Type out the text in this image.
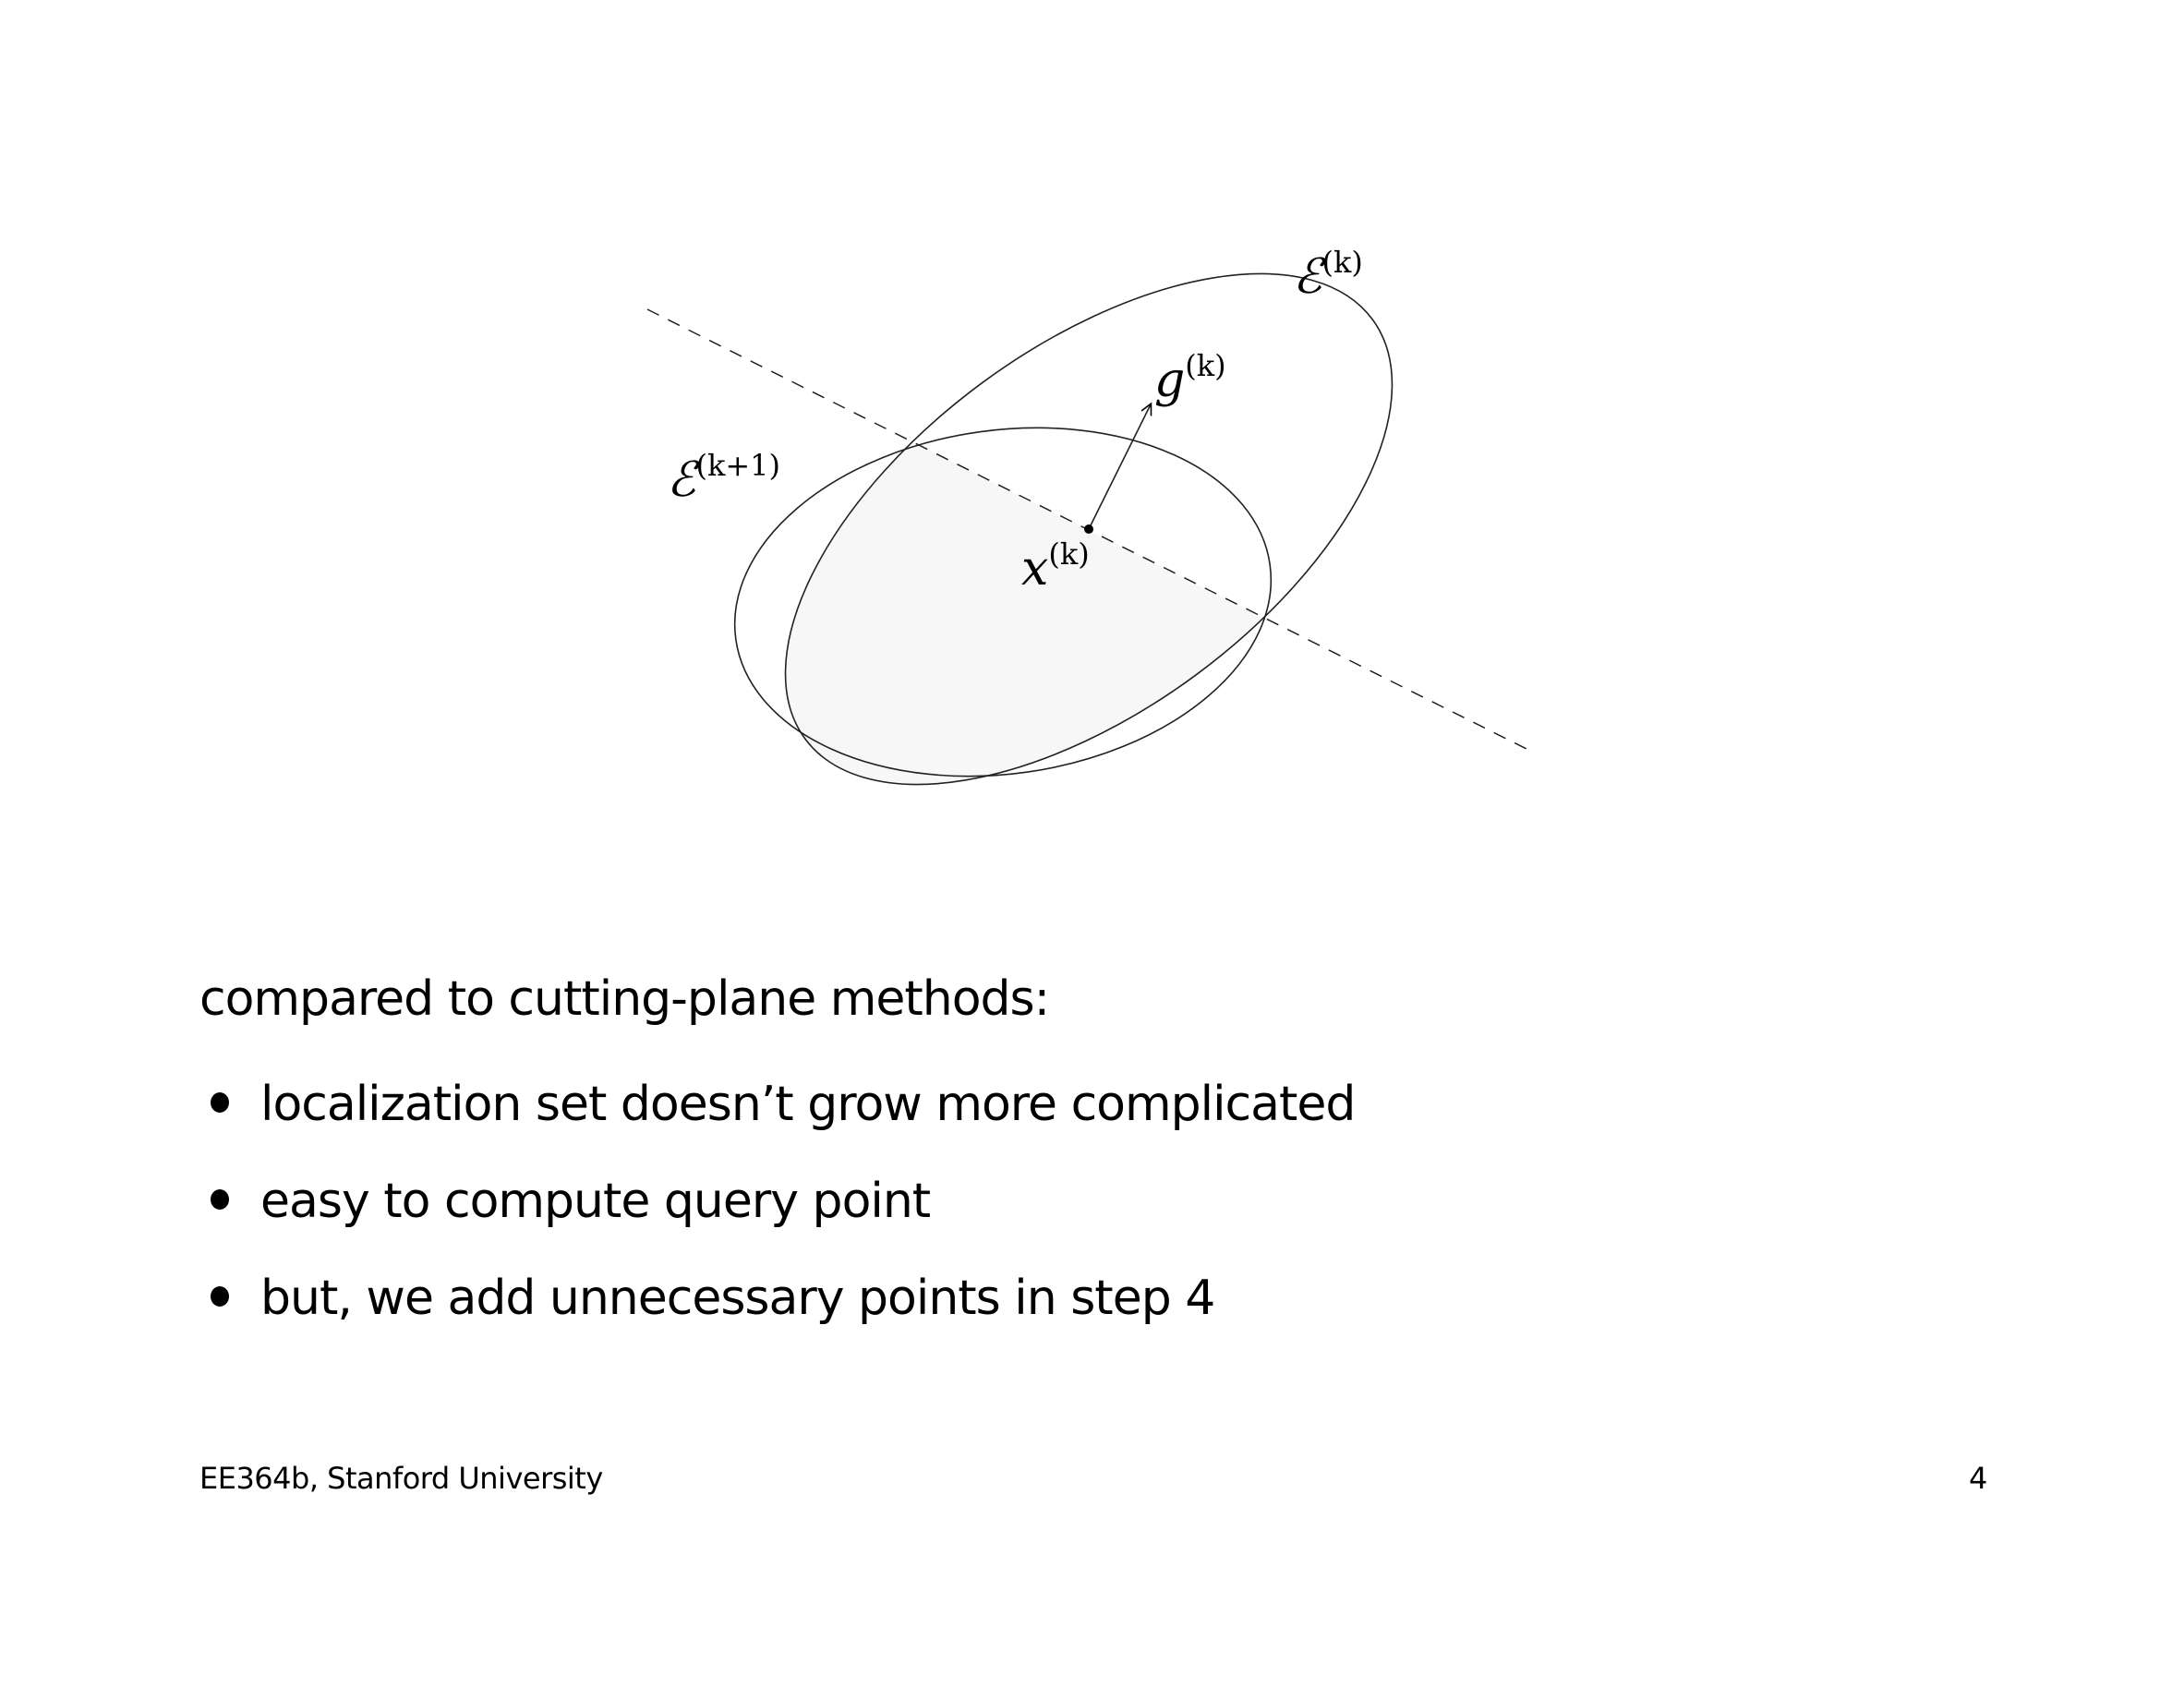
ℰ$^{(k)}$
$g^{(k)}$
ℰ$^{(k+1)}$
$x^{(k)}$
compared to cutting-plane methods:
localization set doesn’t grow more complicated
easy to compute query point
but, we add unnecessary points in step 4
EE364b, Stanford University	4
